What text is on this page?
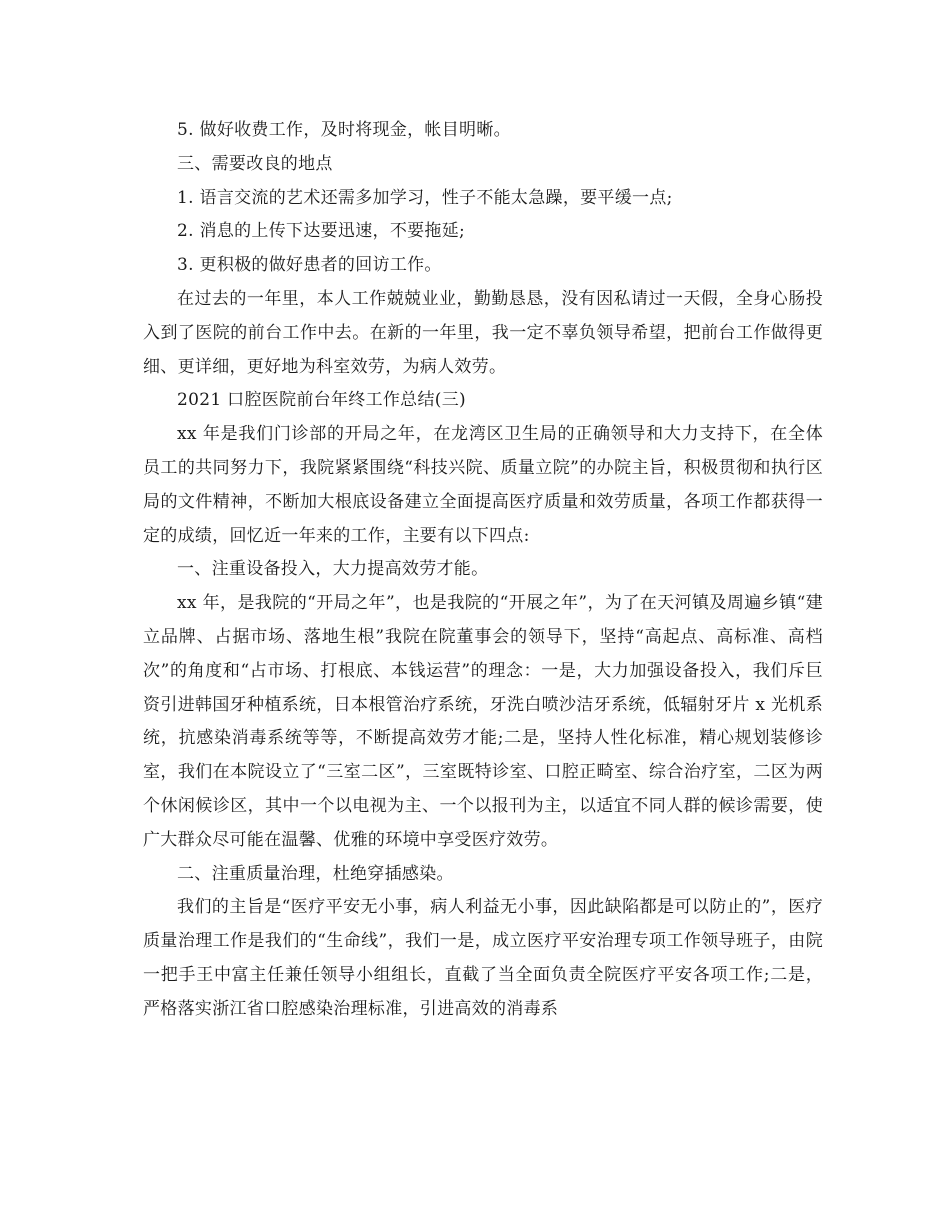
5. 做好收费工作，及时将现金，帐目明晰。

三、需要改良的地点

1. 语言交流的艺术还需多加学习，性子不能太急躁，要平缓一点;

2. 消息的上传下达要迅速，不要拖延;

3. 更积极的做好患者的回访工作。

在过去的一年里，本人工作兢兢业业，勤勤恳恳，没有因私请过一天假，全身心肠投入到了医院的前台工作中去。在新的一年里，我一定不辜负领导希望，把前台工作做得更细、更详细，更好地为科室效劳，为病人效劳。

2021 口腔医院前台年终工作总结(三)

xx 年是我们门诊部的开局之年，在龙湾区卫生局的正确领导和大力支持下，在全体员工的共同努力下，我院紧紧围绕“科技兴院、质量立院”的办院主旨，积极贯彻和执行区局的文件精神，不断加大根底设备建立全面提高医疗质量和效劳质量，各项工作都获得一定的成绩，回忆近一年来的工作，主要有以下四点:

一、注重设备投入，大力提高效劳才能。

xx 年，是我院的“开局之年”，也是我院的“开展之年”，为了在天河镇及周遍乡镇“建立品牌、占据市场、落地生根”我院在院董事会的领导下，坚持“高起点、高标准、高档次”的角度和“占市场、打根底、本钱运营”的理念：一是，大力加强设备投入，我们斥巨资引进韩国牙种植系统，日本根管治疗系统，牙洗白喷沙洁牙系统，低辐射牙片 x 光机系统，抗感染消毒系统等等，不断提高效劳才能;二是，坚持人性化标准，精心规划装修诊室，我们在本院设立了“三室二区”，三室既特诊室、口腔正畸室、综合治疗室，二区为两个休闲候诊区，其中一个以电视为主、一个以报刊为主，以适宜不同人群的候诊需要，使广大群众尽可能在温馨、优雅的环境中享受医疗效劳。

二、注重质量治理，杜绝穿插感染。

我们的主旨是“医疗平安无小事，病人利益无小事，因此缺陷都是可以防止的”，医疗质量治理工作是我们的“生命线”，我们一是，成立医疗平安治理专项工作领导班子，由院一把手王中富主任兼任领导小组组长，直截了当全面负责全院医疗平安各项工作;二是，严格落实浙江省口腔感染治理标准，引进高效的消毒系
